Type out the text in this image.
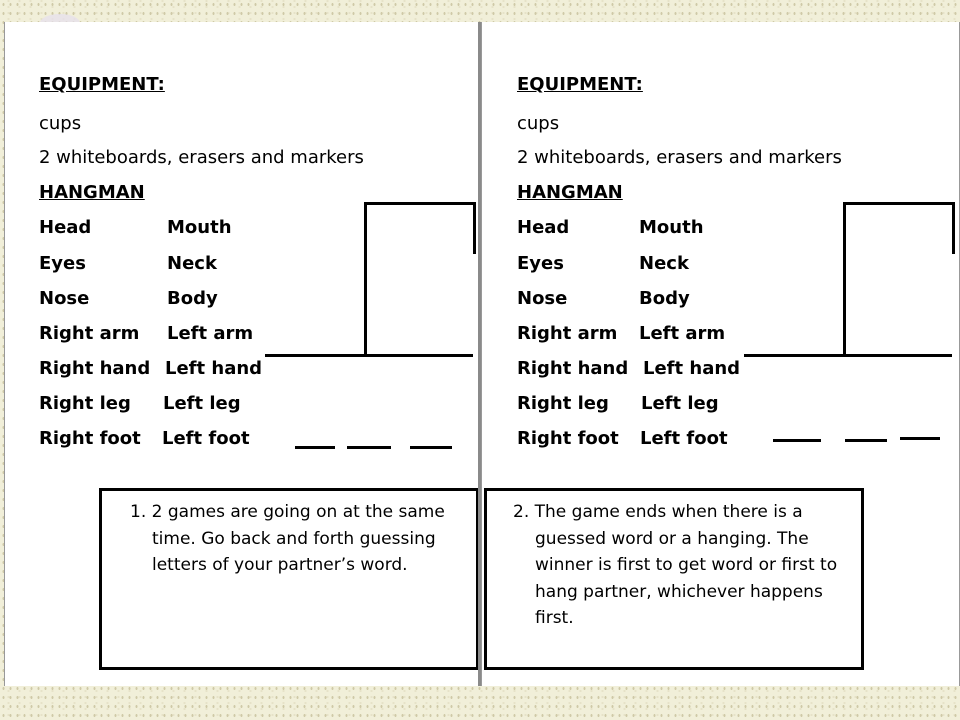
EQUIPMENT:
cups
2 whiteboards, erasers and markers
HANGMAN
Head	Mouth
Eyes	Neck
Nose	Body
Right arm Left arm
Right hand Left hand
Right leg Left leg
Right foot Left foot
1. 2 games are going on at the same
time. Go back and forth guessing
letters of your partner’s word.
EQUIPMENT:
cups
2 whiteboards, erasers and markers
HANGMAN
Head	Mouth
Eyes	Neck
Nose	Body
Right arm Left arm
Right hand Left hand
Right leg Left leg
Right foot Left foot
2. The game ends when there is a
guessed word or a hanging. The
winner is first to get word or first to
hang partner, whichever happens
first.
